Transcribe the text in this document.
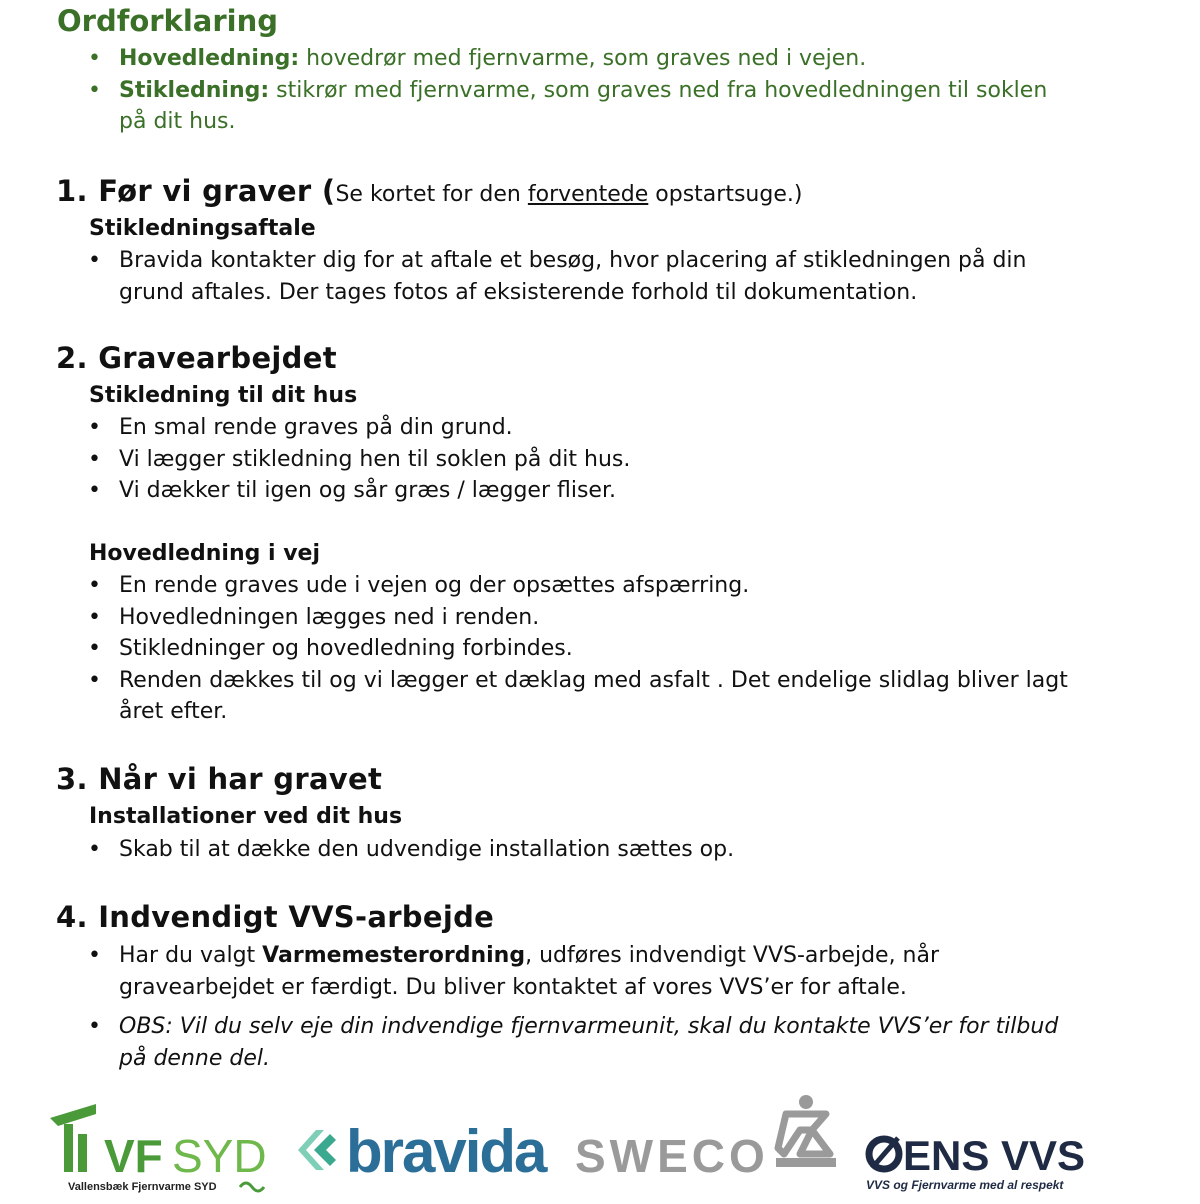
Ordforklaring
• Hovedledning: hovedrør med fjernvarme, som graves ned i vejen.
• Stikledning: stikrør med fjernvarme, som graves ned fra hovedledningen til soklen på dit hus.
1. Før vi graver (Se kortet for den forventede opstartsuge.)
Stikledningsaftale
• Bravida kontakter dig for at aftale et besøg, hvor placering af stikledningen på din grund aftales. Der tages fotos af eksisterende forhold til dokumentation.
2. Gravearbejdet
Stikledning til dit hus
• En smal rende graves på din grund.
• Vi lægger stikledning hen til soklen på dit hus.
• Vi dækker til igen og sår græs / lægger fliser.
Hovedledning i vej
• En rende graves ude i vejen og der opsættes afspærring.
• Hovedledningen lægges ned i renden.
• Stikledninger og hovedledning forbindes.
• Renden dækkes til og vi lægger et dæklag med asfalt . Det endelige slidlag bliver lagt året efter.
3. Når vi har gravet
Installationer ved dit hus
• Skab til at dække den udvendige installation sættes op.
4. Indvendigt VVS-arbejde
• Har du valgt Varmemesterordning, udføres indvendigt VVS-arbejde, når gravearbejdet er færdigt. Du bliver kontaktet af vores VVS’er for aftale.
• OBS: Vil du selv eje din indvendige fjernvarmeunit, skal du kontakte VVS’er for tilbud på denne del.
VF SYD
Vallensbæk Fjernvarme SYD
bravida SWECO	ENS VVS
VVS og Fjernvarme med al respekt
